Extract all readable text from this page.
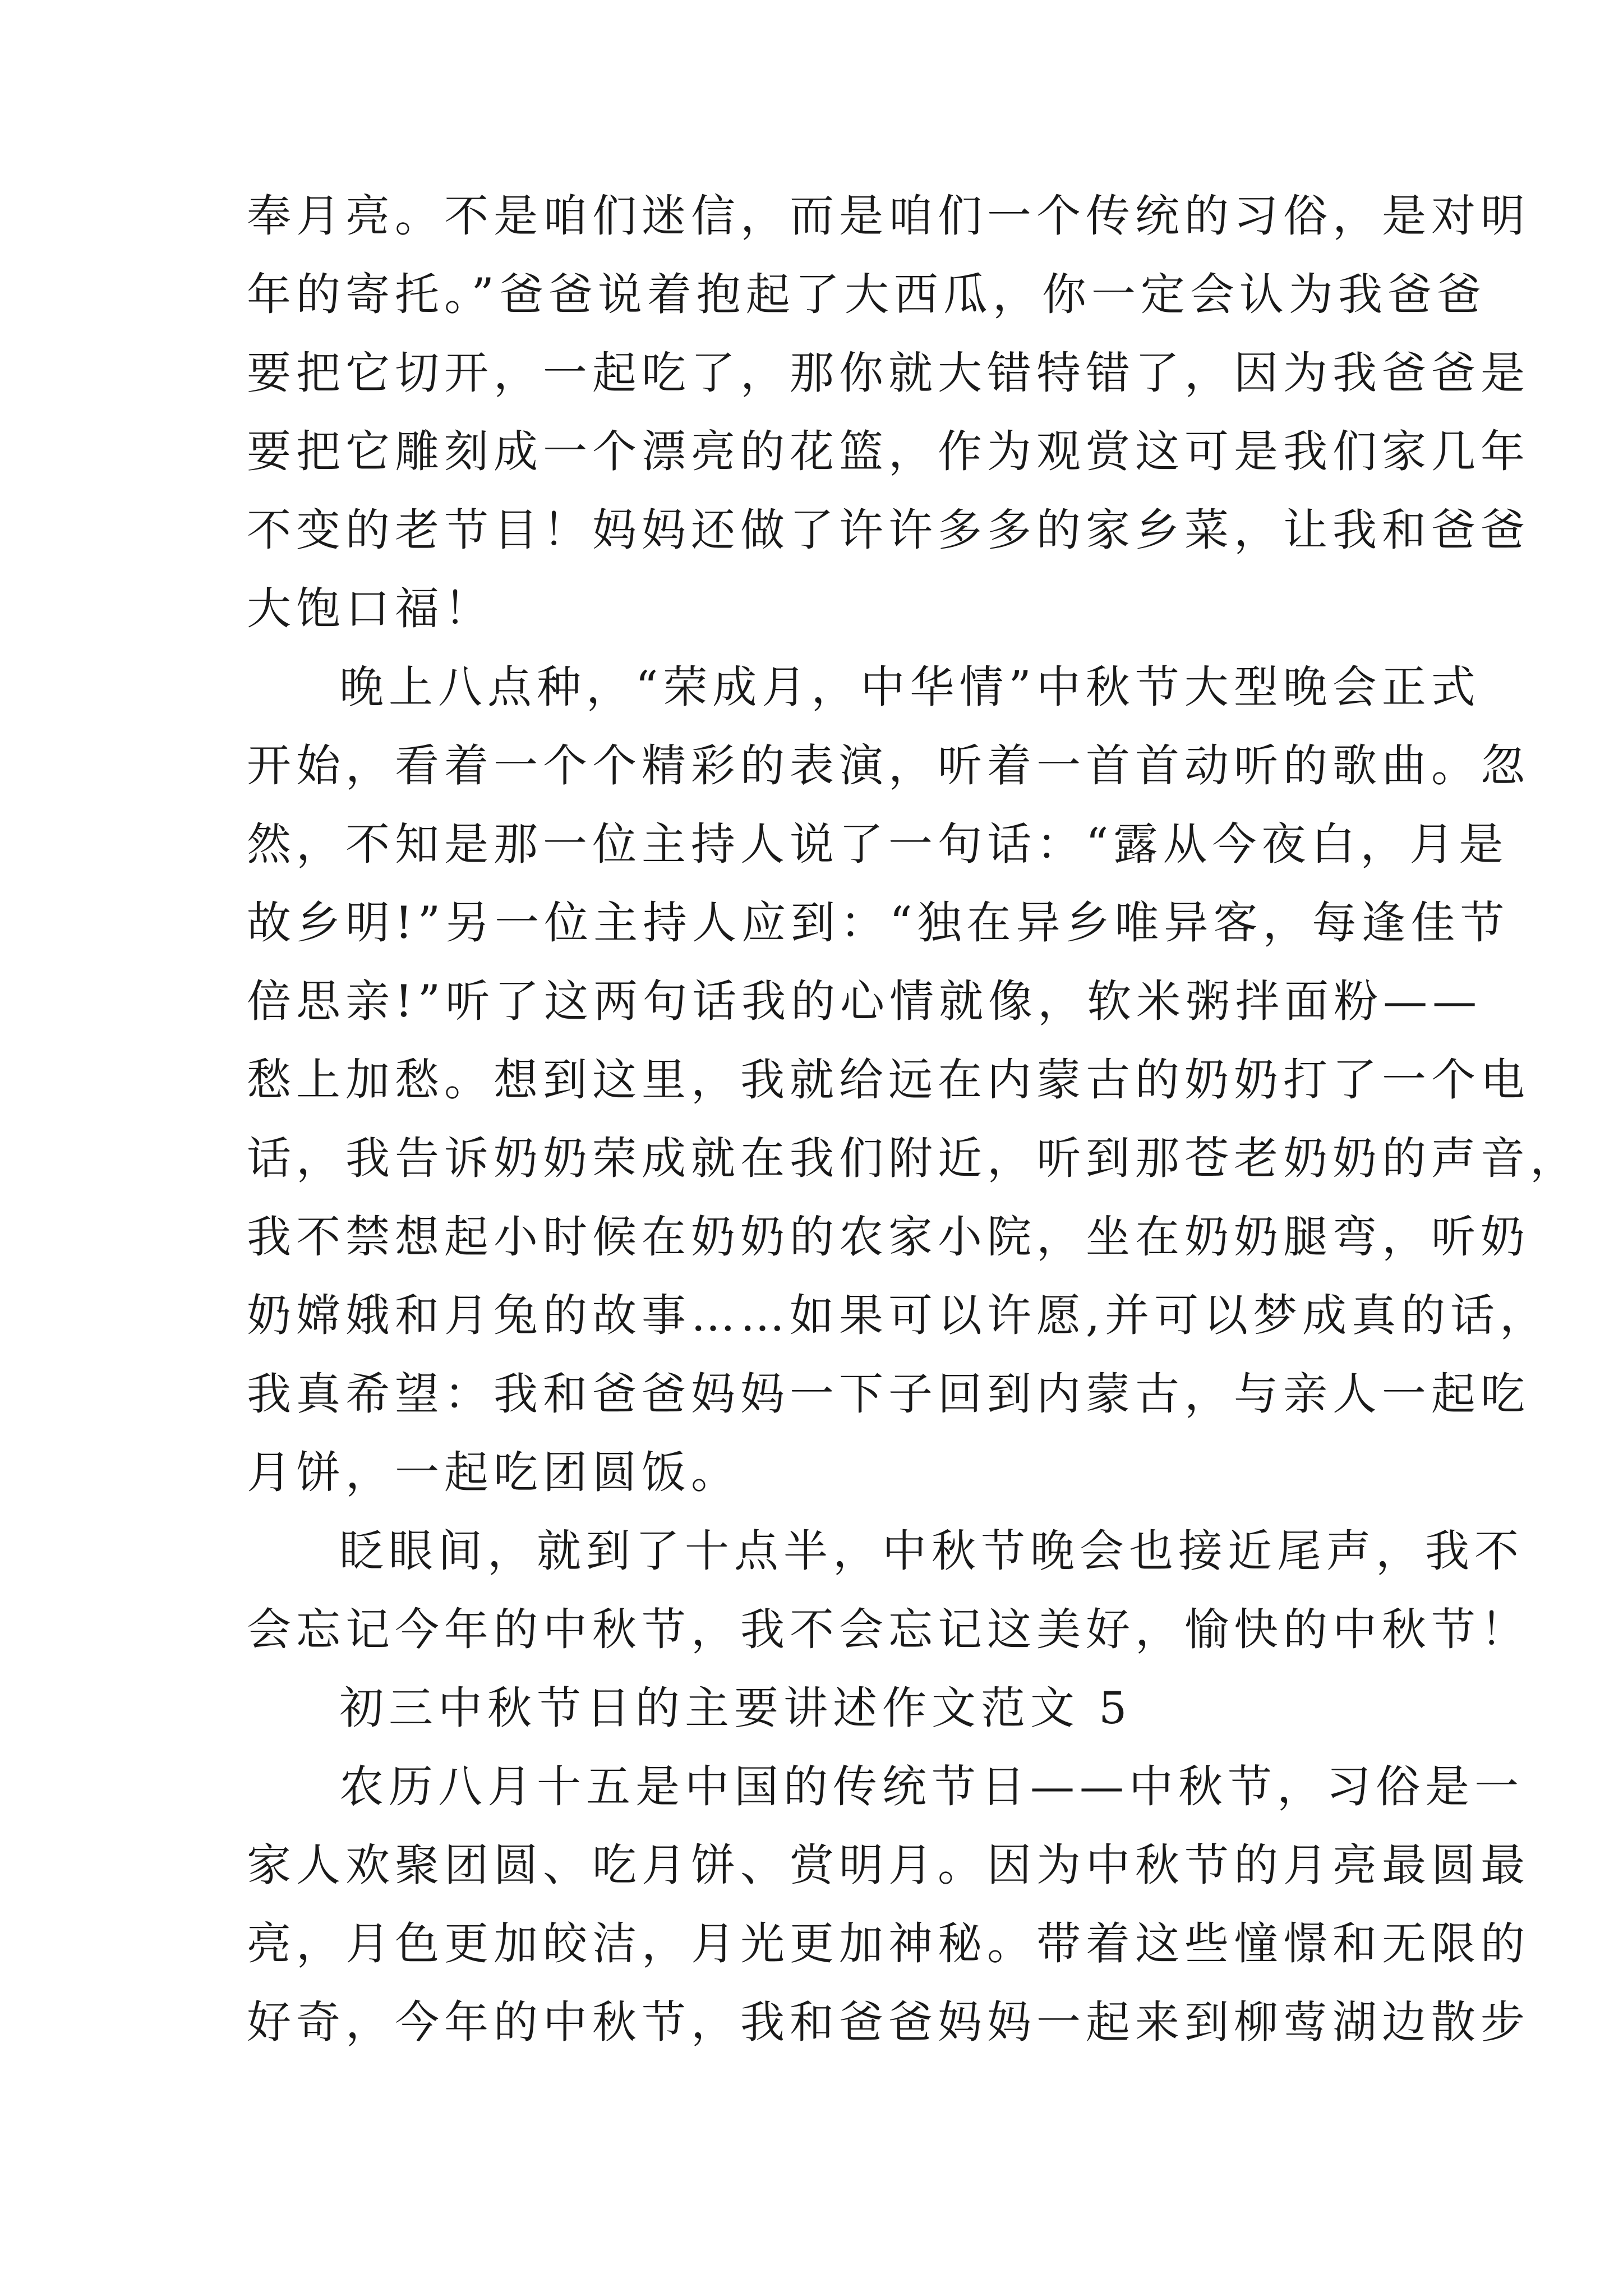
奉月亮。不是咱们迷信，而是咱们一个传统的习俗，是对明
年的寄托。”爸爸说着抱起了大西瓜，你一定会认为我爸爸
要把它切开，一起吃了，那你就大错特错了，因为我爸爸是
要把它雕刻成一个漂亮的花篮，作为观赏这可是我们家几年
不变的老节目！妈妈还做了许许多多的家乡菜，让我和爸爸
大饱口福！
晚上八点种，“荣成月，中华情”中秋节大型晚会正式
开始，看着一个个精彩的表演，听着一首首动听的歌曲。忽
然，不知是那一位主持人说了一句话：“露从今夜白，月是
故乡明!”另一位主持人应到：“独在异乡唯异客，每逢佳节
倍思亲!”听了这两句话我的心情就像，软米粥拌面粉——
愁上加愁。想到这里，我就给远在内蒙古的奶奶打了一个电
话，我告诉奶奶荣成就在我们附近，听到那苍老奶奶的声音，
我不禁想起小时候在奶奶的农家小院，坐在奶奶腿弯，听奶
奶嫦娥和月兔的故事……如果可以许愿,并可以梦成真的话，
我真希望：我和爸爸妈妈一下子回到内蒙古，与亲人一起吃
月饼，一起吃团圆饭。
眨眼间，就到了十点半，中秋节晚会也接近尾声，我不
会忘记今年的中秋节，我不会忘记这美好，愉快的中秋节！
初三中秋节日的主要讲述作文范文 5
农历八月十五是中国的传统节日——中秋节，习俗是一
家人欢聚团圆、吃月饼、赏明月。因为中秋节的月亮最圆最
亮，月色更加皎洁，月光更加神秘。带着这些憧憬和无限的
好奇，今年的中秋节，我和爸爸妈妈一起来到柳莺湖边散步
